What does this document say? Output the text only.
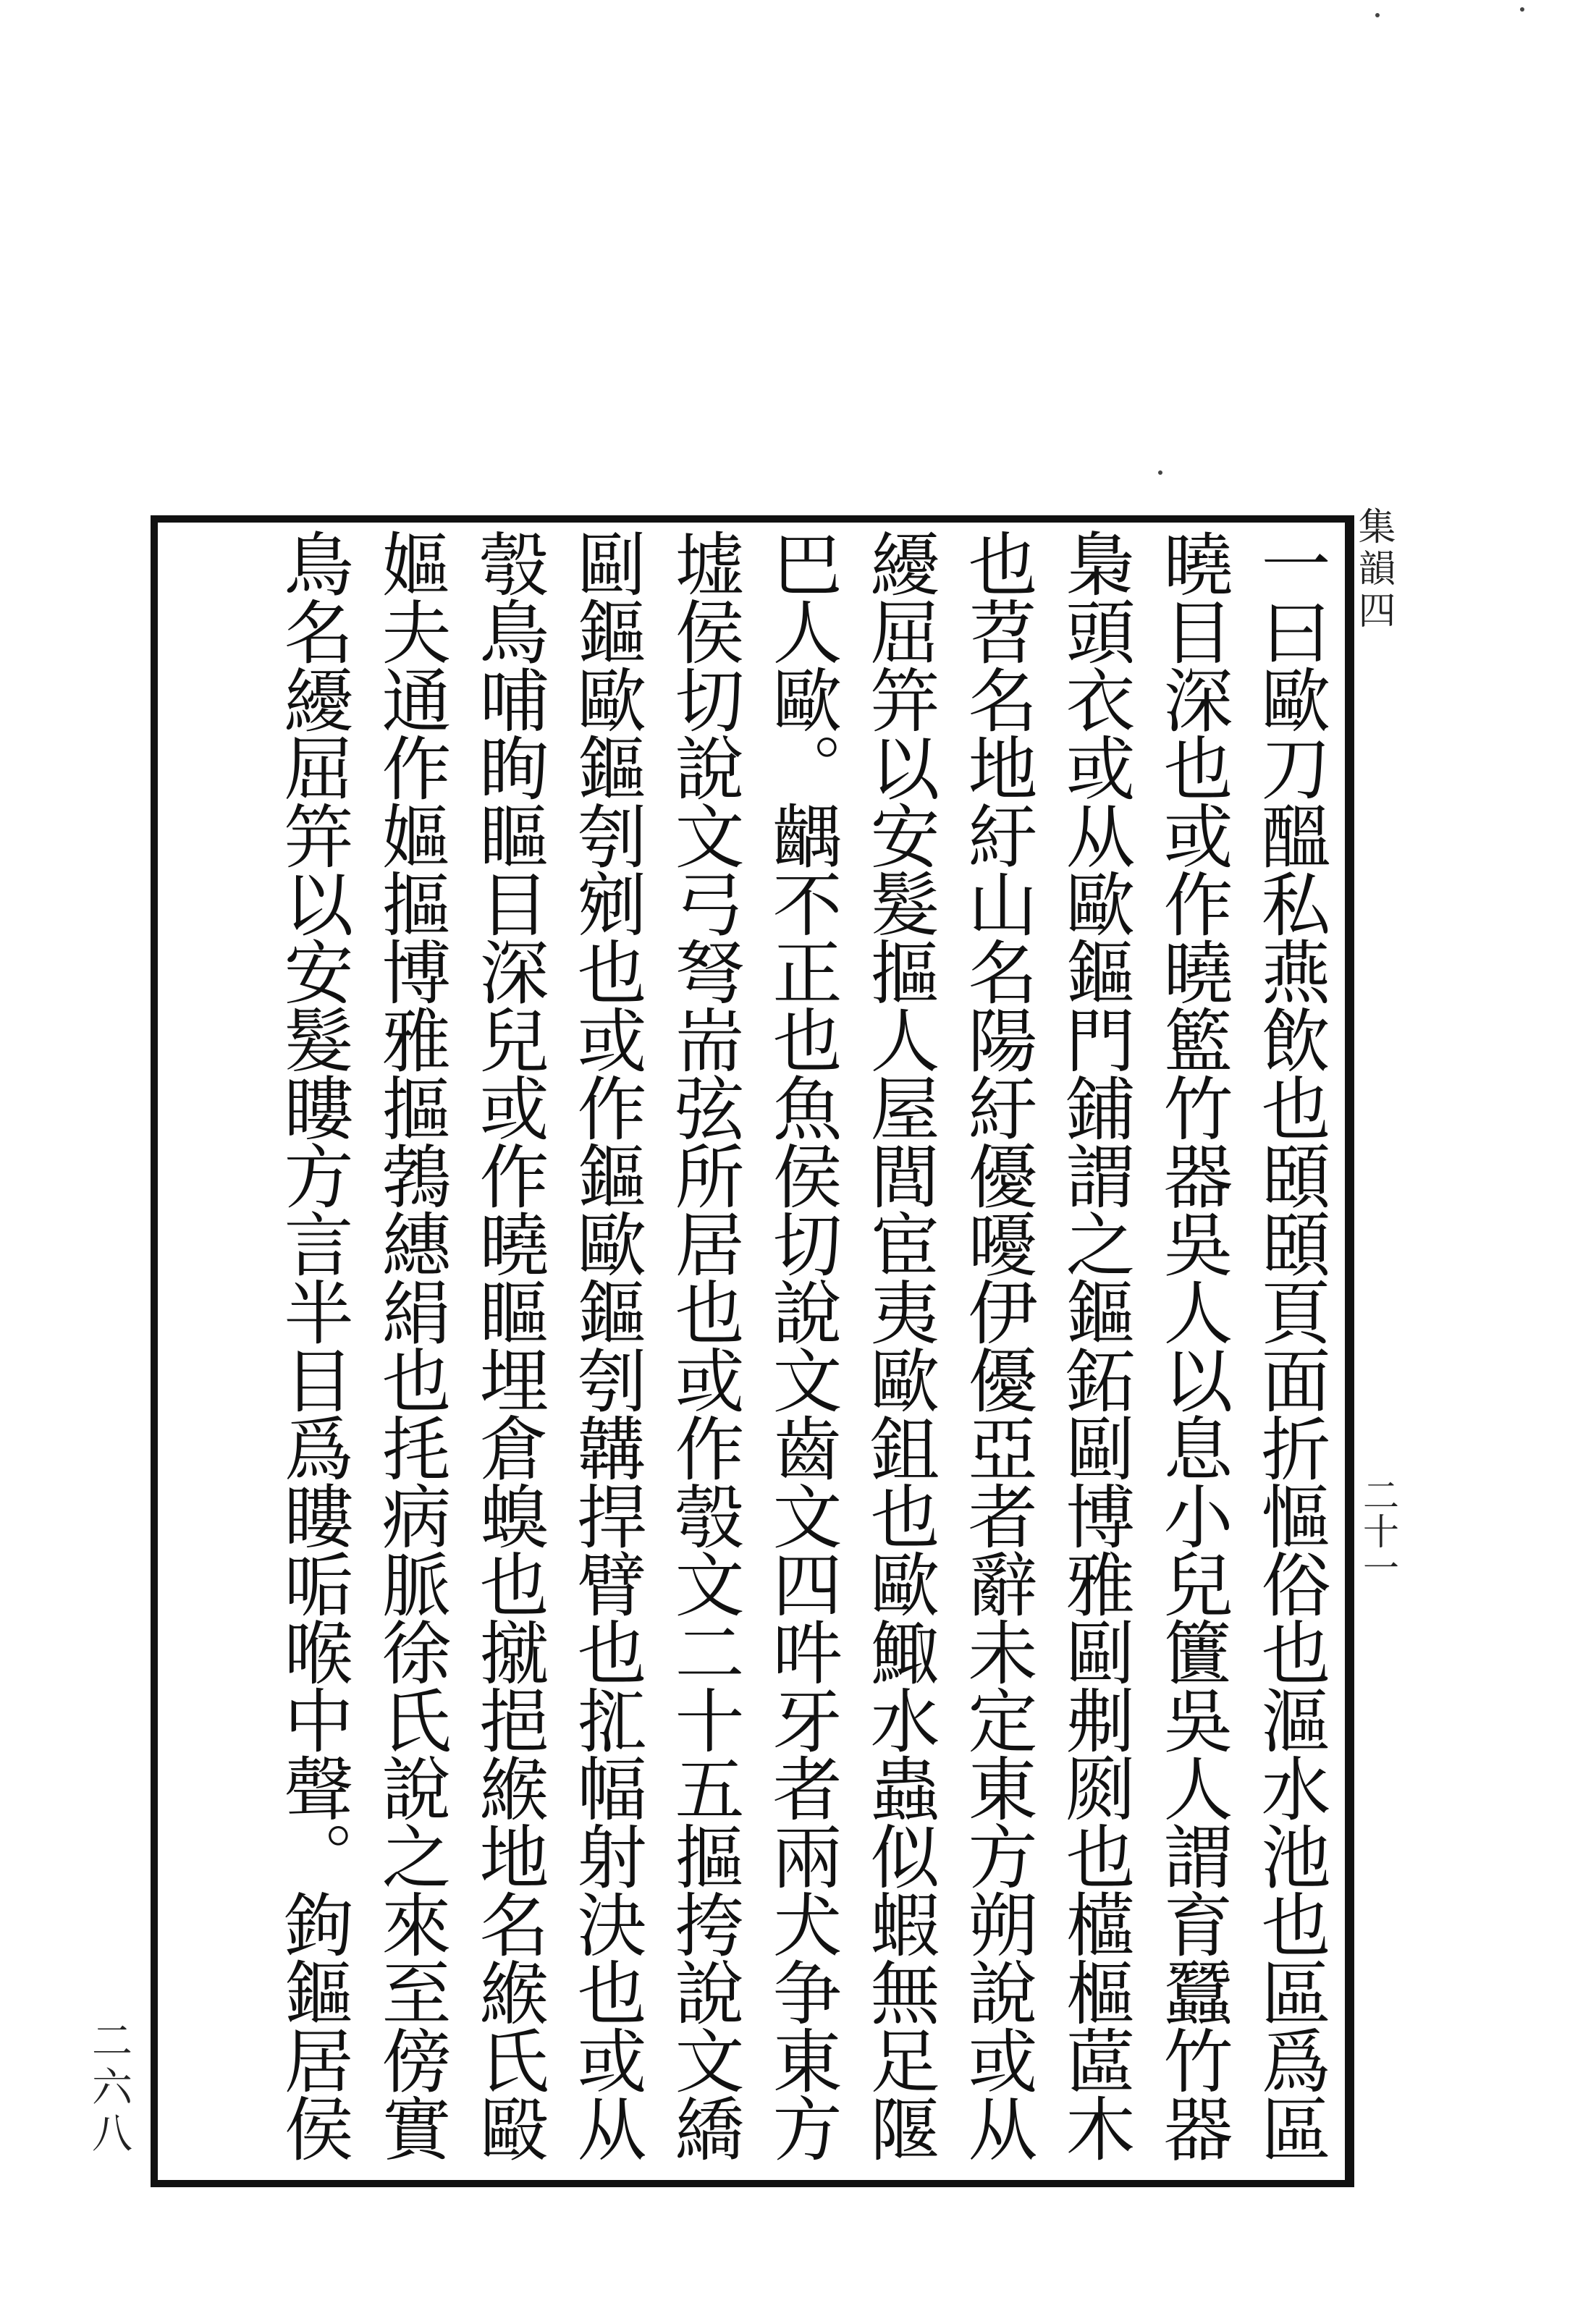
集韻四
二十一
一曰歐刀醞私燕飲也頣頣頁面折慪俗也漚水池也區爲區
曉目深也或作曉籃竹器吳人以息小兒籄吳人謂育蠶竹器
梟頭衣或从歐鏂門鋪謂之鏂鉐剾博雅剾刜㓹也櫙樞蓲木
也苕名地紆山名陽紆優嚘伊優亞者辭未定東方朔說或从
纋屈笄以安髮摳人屋閭宦夷歐鉏也歐鯫水蟲似蝦無足隁
巴人歐。齵不正也魚侯切說文齒文四吽牙者兩犬争東方
墟侯切說文弓弩耑弦所居也或作彀文二十五摳挎說文繑
剾鏂歐鏂刳剜也或作鏂歐鏂刳韝捍臂也㧟幅射決也或从
彀鳥哺眴瞘目深兒或作曉瞘埋倉螑也㩆挹緱地名緱氏毆
嫗夫通作嫗摳博雅摳鵓繐絹也㧌病脈徐氏說之來至傍實
鳥名纋屈笄以安髮瞜方言半目爲瞜㖃喉中聲。鉤鏂居侯
二六八
